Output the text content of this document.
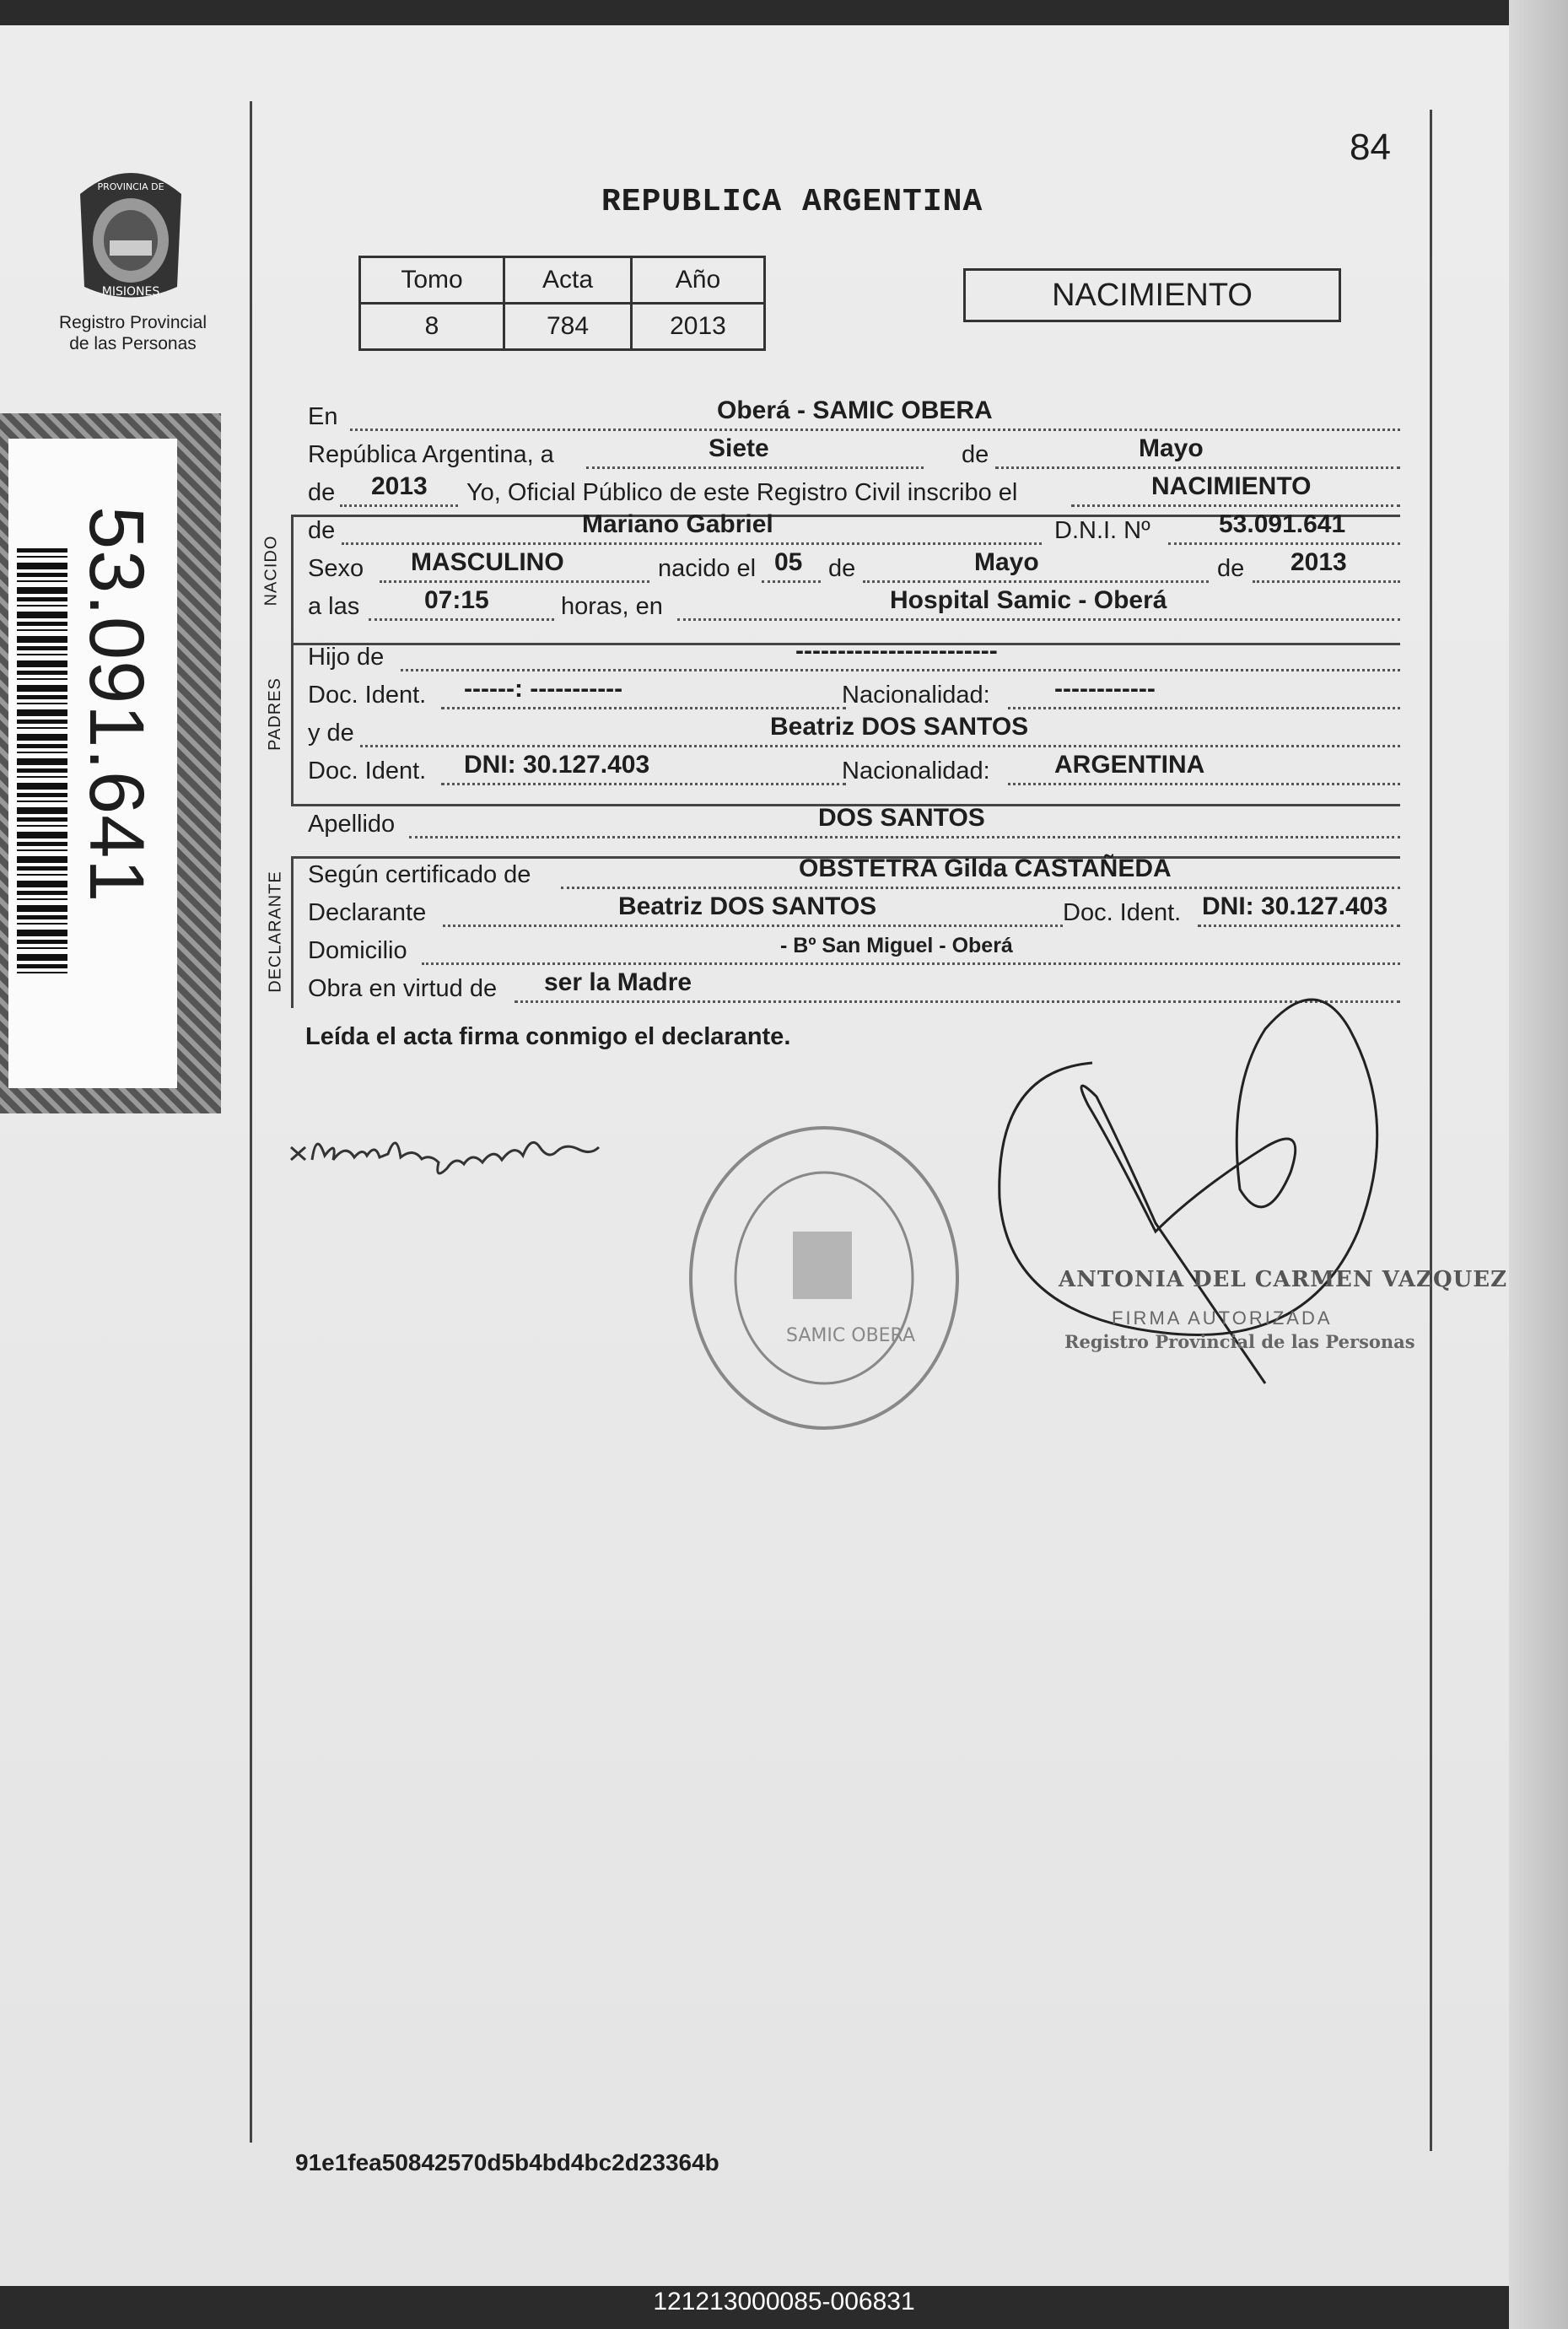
84
PROVINCIA DE
MISIONES
Registro Provincial
de las Personas
53.091.641
REPUBLICA ARGENTINA
Tomo	Acta	Año
8	784	2013
NACIMIENTO
NACIDO
PADRES
DECLARANTE
En	Oberá - SAMIC OBERA
República Argentina, a	Siete	de	Mayo
de 2013 Yo, Oficial Público de este Registro Civil inscribo el	NACIMIENTO
de	Mariano Gabriel	D.N.I. Nº	53.091.641
Sexo MASCULINO	nacido el 05 de	Mayo	de 2013
a las	07:15	horas, en	Hospital Samic - Oberá
Hijo de	------------------------
Doc. Ident. ------: -----------	Nacionalidad:	------------
y de	Beatriz DOS SANTOS
Doc. Ident. DNI: 30.127.403	Nacionalidad:	ARGENTINA
Apellido	DOS SANTOS
Según certificado de	OBSTETRA Gilda CASTAÑEDA
Declarante	Beatriz DOS SANTOS	Doc. Ident. DNI: 30.127.403
Domicilio	- Bº San Miguel - Oberá
Obra en virtud de ser la Madre
Leída el acta firma conmigo el declarante.
SAMIC OBERA
ANTONIA DEL CARMEN VAZQUEZ
FIRMA AUTORIZADA
Registro Provincial de las Personas
91e1fea50842570d5b4bd4bc2d23364b
121213000085-006831
